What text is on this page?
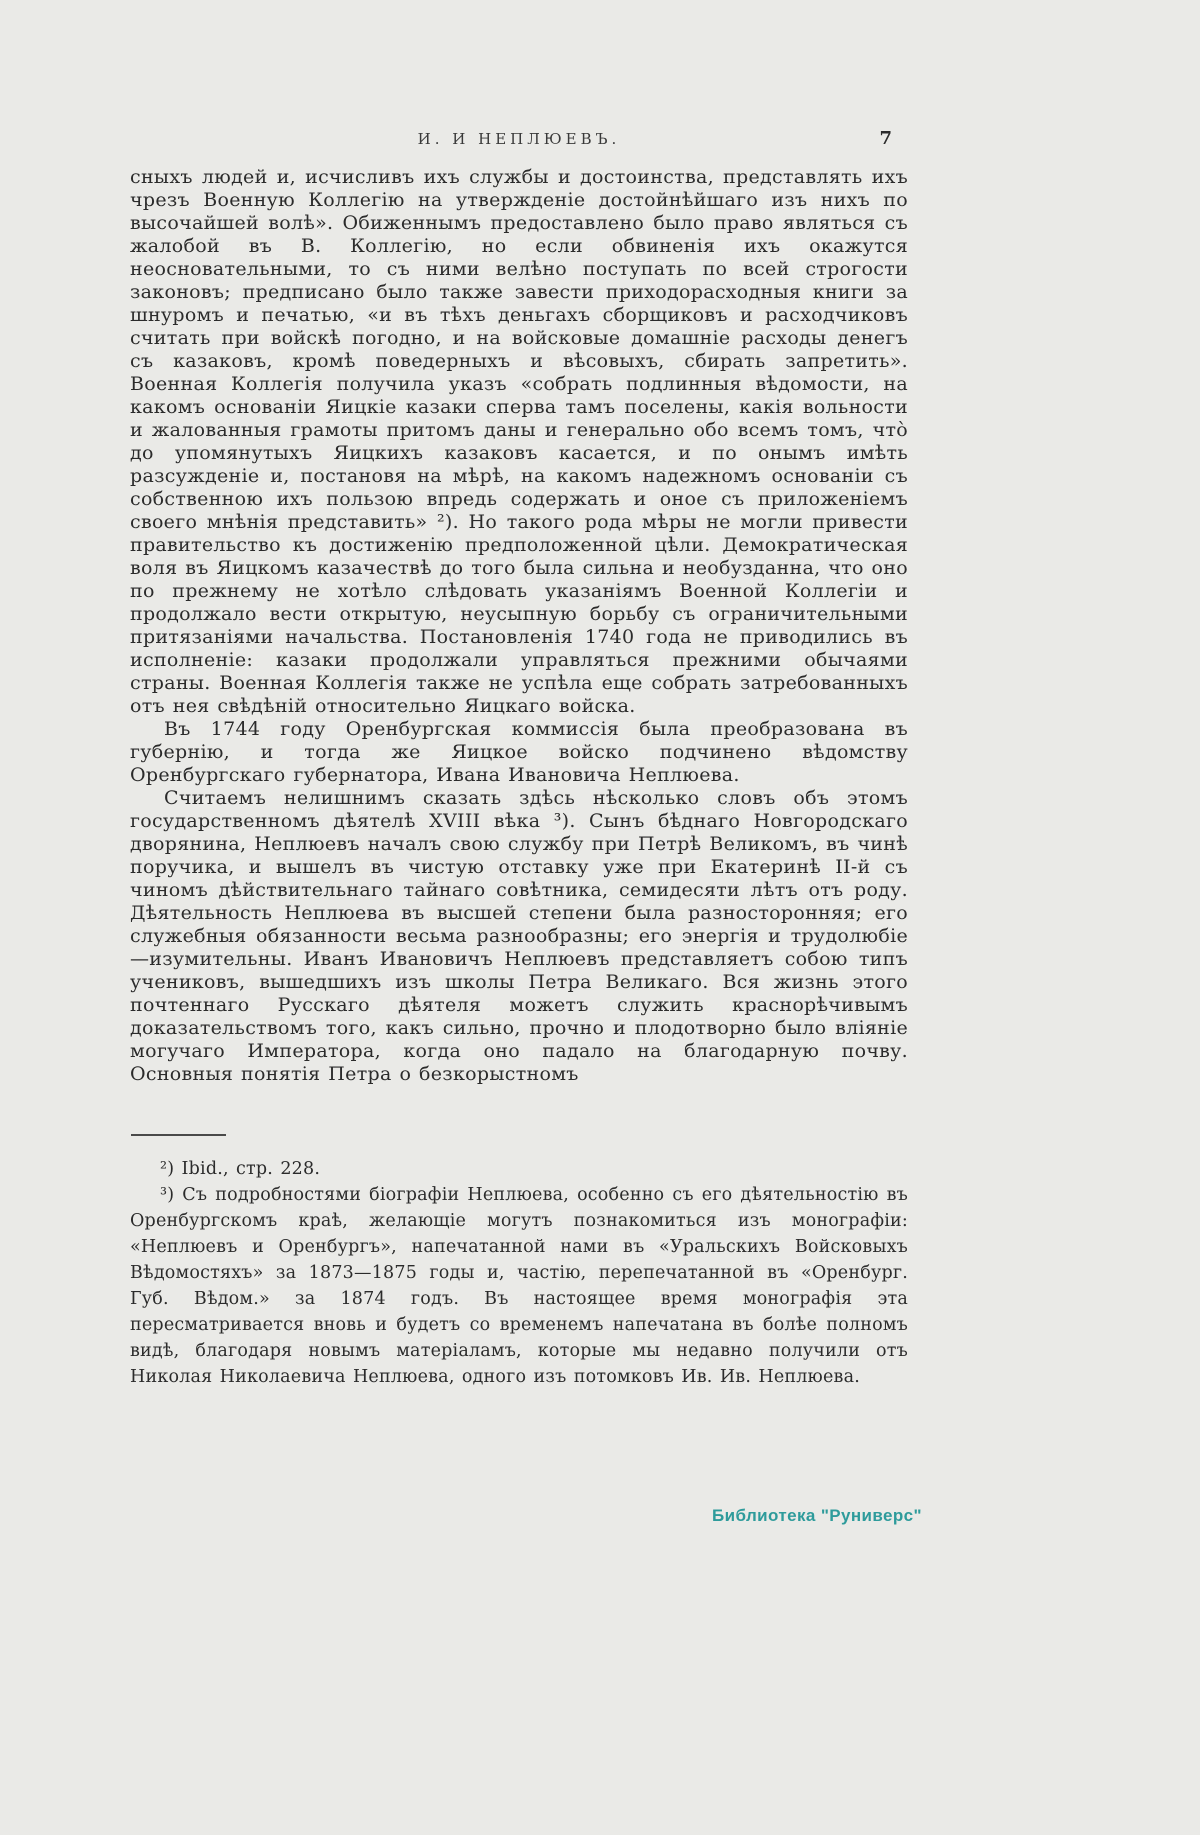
И. И НЕПЛЮЕВЪ.	7

сныхъ людей и, исчисливъ ихъ службы и достоинства, представлять ихъ чрезъ Военную Коллегію на утвержденіе достойнѣйшаго изъ нихъ по высочайшей волѣ». Обиженнымъ предоставлено было право являться съ жалобой въ В. Коллегію, но если обвиненія ихъ окажутся неосновательными, то съ ними велѣно поступать по всей строгости законовъ; предписано было также завести приходорасходныя книги за шнуромъ и печатью, «и въ тѣхъ деньгахъ сборщиковъ и расходчиковъ считать при войскѣ погодно, и на войсковые домашніе расходы денегъ съ казаковъ, кромѣ поведерныхъ и вѣсовыхъ, сбирать запретить». Военная Коллегія получила указъ «собрать подлинныя вѣдомости, на какомъ основаніи Яицкіе казаки сперва тамъ поселены, какія вольности и жалованныя грамоты притомъ даны и генерально обо всемъ томъ, что̀ до упомянутыхъ Яицкихъ казаковъ касается, и по онымъ имѣть разсужденіе и, постановя на мѣрѣ, на какомъ надежномъ основаніи съ собственною ихъ пользою впредь содержать и оное съ приложеніемъ своего мнѣнія представить» ²). Но такого рода мѣры не могли привести правительство къ достиженію предположенной цѣли. Демократическая воля въ Яицкомъ казачествѣ до того была сильна и необузданна, что оно по прежнему не хотѣло слѣдовать указаніямъ Военной Коллегіи и продолжало вести открытую, неусыпную борьбу съ ограничительными притязаніями начальства. Постановленія 1740 года не приводились въ исполненіе: казаки продолжали управляться прежними обычаями страны. Военная Коллегія также не успѣла еще собрать затребованныхъ отъ нея свѣдѣній относительно Яицкаго войска.

Въ 1744 году Оренбургская коммиссія была преобразована въ губернію, и тогда же Яицкое войско подчинено вѣдомству Оренбургскаго губернатора, Ивана Ивановича Неплюева.

Считаемъ нелишнимъ сказать здѣсь нѣсколько словъ объ этомъ государственномъ дѣятелѣ XVIII вѣка ³). Сынъ бѣднаго Новгородскаго дворянина, Неплюевъ началъ свою службу при Петрѣ Великомъ, въ чинѣ поручика, и вышелъ въ чистую отставку уже при Екатеринѣ II-й съ чиномъ дѣйствительнаго тайнаго совѣтника, семидесяти лѣтъ отъ роду. Дѣятельность Неплюева въ высшей степени была разносторонняя; его служебныя обязанности весьма разнообразны; его энергія и трудолюбіе—изумительны. Иванъ Ивановичъ Неплюевъ представляетъ собою типъ учениковъ, вышедшихъ изъ школы Петра Великаго. Вся жизнь этого почтеннаго Русскаго дѣятеля можетъ служить краснорѣчивымъ доказательствомъ того, какъ сильно, прочно и плодотворно было вліяніе могучаго Императора, когда оно падало на благодарную почву. Основныя понятія Петра о безкорыстномъ

²) Ibid., стр. 228.

³) Съ подробностями біографіи Неплюева, особенно съ его дѣятельностію въ Оренбургскомъ краѣ, желающіе могутъ познакомиться изъ монографіи: «Неплюевъ и Оренбургъ», напечатанной нами въ «Уральскихъ Войсковыхъ Вѣдомостяхъ» за 1873—1875 годы и, частію, перепечатанной въ «Оренбург. Губ. Вѣдом.» за 1874 годъ. Въ настоящее время монографія эта пересматривается вновь и будетъ со временемъ напечатана въ болѣе полномъ видѣ, благодаря новымъ матеріаламъ, которые мы недавно получили отъ Николая Николаевича Неплюева, одного изъ потомковъ Ив. Ив. Неплюева.

Библиотека "Руниверс"
